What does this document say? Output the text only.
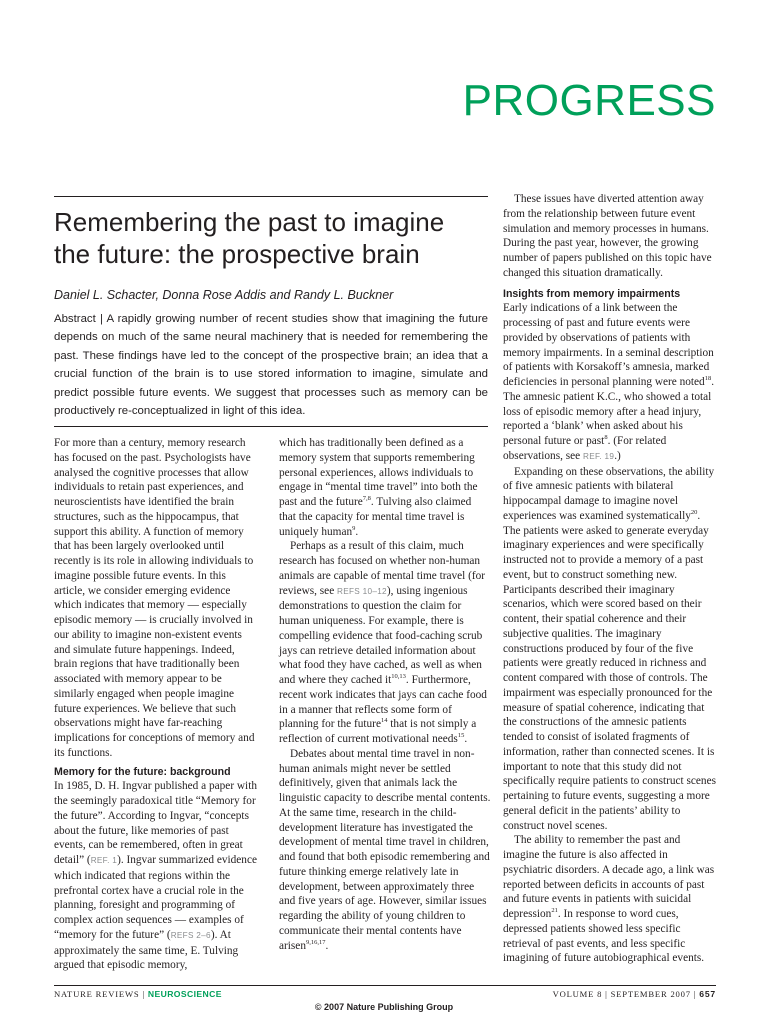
PROGRESS
Remembering the past to imagine the future: the prospective brain
Daniel L. Schacter, Donna Rose Addis and Randy L. Buckner
Abstract | A rapidly growing number of recent studies show that imagining the future depends on much of the same neural machinery that is needed for remembering the past. These findings have led to the concept of the prospective brain; an idea that a crucial function of the brain is to use stored information to imagine, simulate and predict possible future events. We suggest that processes such as memory can be productively re-conceptualized in light of this idea.

For more than a century, memory research has focused on the past. Psychologists have analysed the cognitive processes that allow individuals to retain past experiences, and neuroscientists have identified the brain structures, such as the hippocampus, that support this ability. A function of memory that has been largely overlooked until recently is its role in allowing individuals to imagine possible future events. In this article, we consider emerging evidence which indicates that memory — especially episodic memory — is crucially involved in our ability to imagine non-existent events and simulate future happenings. Indeed, brain regions that have traditionally been associated with memory appear to be similarly engaged when people imagine future experiences. We believe that such observations might have far-reaching implications for conceptions of memory and its functions.

Memory for the future: background

In 1985, D. H. Ingvar published a paper with the seemingly paradoxical title “Memory for the future”. According to Ingvar, “concepts about the future, like memories of past events, can be remembered, often in great detail” (REF. 1). Ingvar summarized evidence which indicated that regions within the prefrontal cortex have a crucial role in the planning, foresight and programming of complex action sequences — examples of “memory for the future” (REFS 2–6). At approximately the same time, E. Tulving argued that episodic memory,

which has traditionally been defined as a memory system that supports remembering personal experiences, allows individuals to engage in “mental time travel” into both the past and the future$^{7,8}$. Tulving also claimed that the capacity for mental time travel is uniquely human$^9$.

Perhaps as a result of this claim, much research has focused on whether non-human animals are capable of mental time travel (for reviews, see REFS 10–12), using ingenious demonstrations to question the claim for human uniqueness. For example, there is compelling evidence that food-caching scrub jays can retrieve detailed information about what food they have cached, as well as when and where they cached it$^{10,13}$. Furthermore, recent work indicates that jays can cache food in a manner that reflects some form of planning for the future$^{14}$ that is not simply a reflection of current motivational needs$^{15}$.

Debates about mental time travel in non-human animals might never be settled definitively, given that animals lack the linguistic capacity to describe mental contents. At the same time, research in the child-development literature has investigated the development of mental time travel in children, and found that both episodic remembering and future thinking emerge relatively late in development, between approximately three and five years of age. However, similar issues regarding the ability of young children to communicate their mental contents have arisen$^{9,16,17}$.

These issues have diverted attention away from the relationship between future event simulation and memory processes in humans. During the past year, however, the growing number of papers published on this topic have changed this situation dramatically.

Insights from memory impairments

Early indications of a link between the processing of past and future events were provided by observations of patients with memory impairments. In a seminal description of patients with Korsakoff’s amnesia, marked deficiencies in personal planning were noted$^{18}$. The amnesic patient K.C., who showed a total loss of episodic memory after a head injury, reported a ‘blank’ when asked about his personal future or past$^8$. (For related observations, see REF. 19.)

Expanding on these observations, the ability of five amnesic patients with bilateral hippocampal damage to imagine novel experiences was examined systematically$^{20}$. The patients were asked to generate everyday imaginary experiences and were specifically instructed not to provide a memory of a past event, but to construct something new. Participants described their imaginary scenarios, which were scored based on their content, their spatial coherence and their subjective qualities. The imaginary constructions produced by four of the five patients were greatly reduced in richness and content compared with those of controls. The impairment was especially pronounced for the measure of spatial coherence, indicating that the constructions of the amnesic patients tended to consist of isolated fragments of information, rather than connected scenes. It is important to note that this study did not specifically require patients to construct scenes pertaining to future events, suggesting a more general deficit in the patients’ ability to construct novel scenes.

The ability to remember the past and imagine the future is also affected in psychiatric disorders. A decade ago, a link was reported between deficits in accounts of past and future events in patients with suicidal depression$^{21}$. In response to word cues, depressed patients showed less specific retrieval of past events, and less specific imagining of future autobiographical events.

NATURE REVIEWS | NEUROSCIENCE	VOLUME 8 | SEPTEMBER 2007 | 657
© 2007 Nature Publishing Group
